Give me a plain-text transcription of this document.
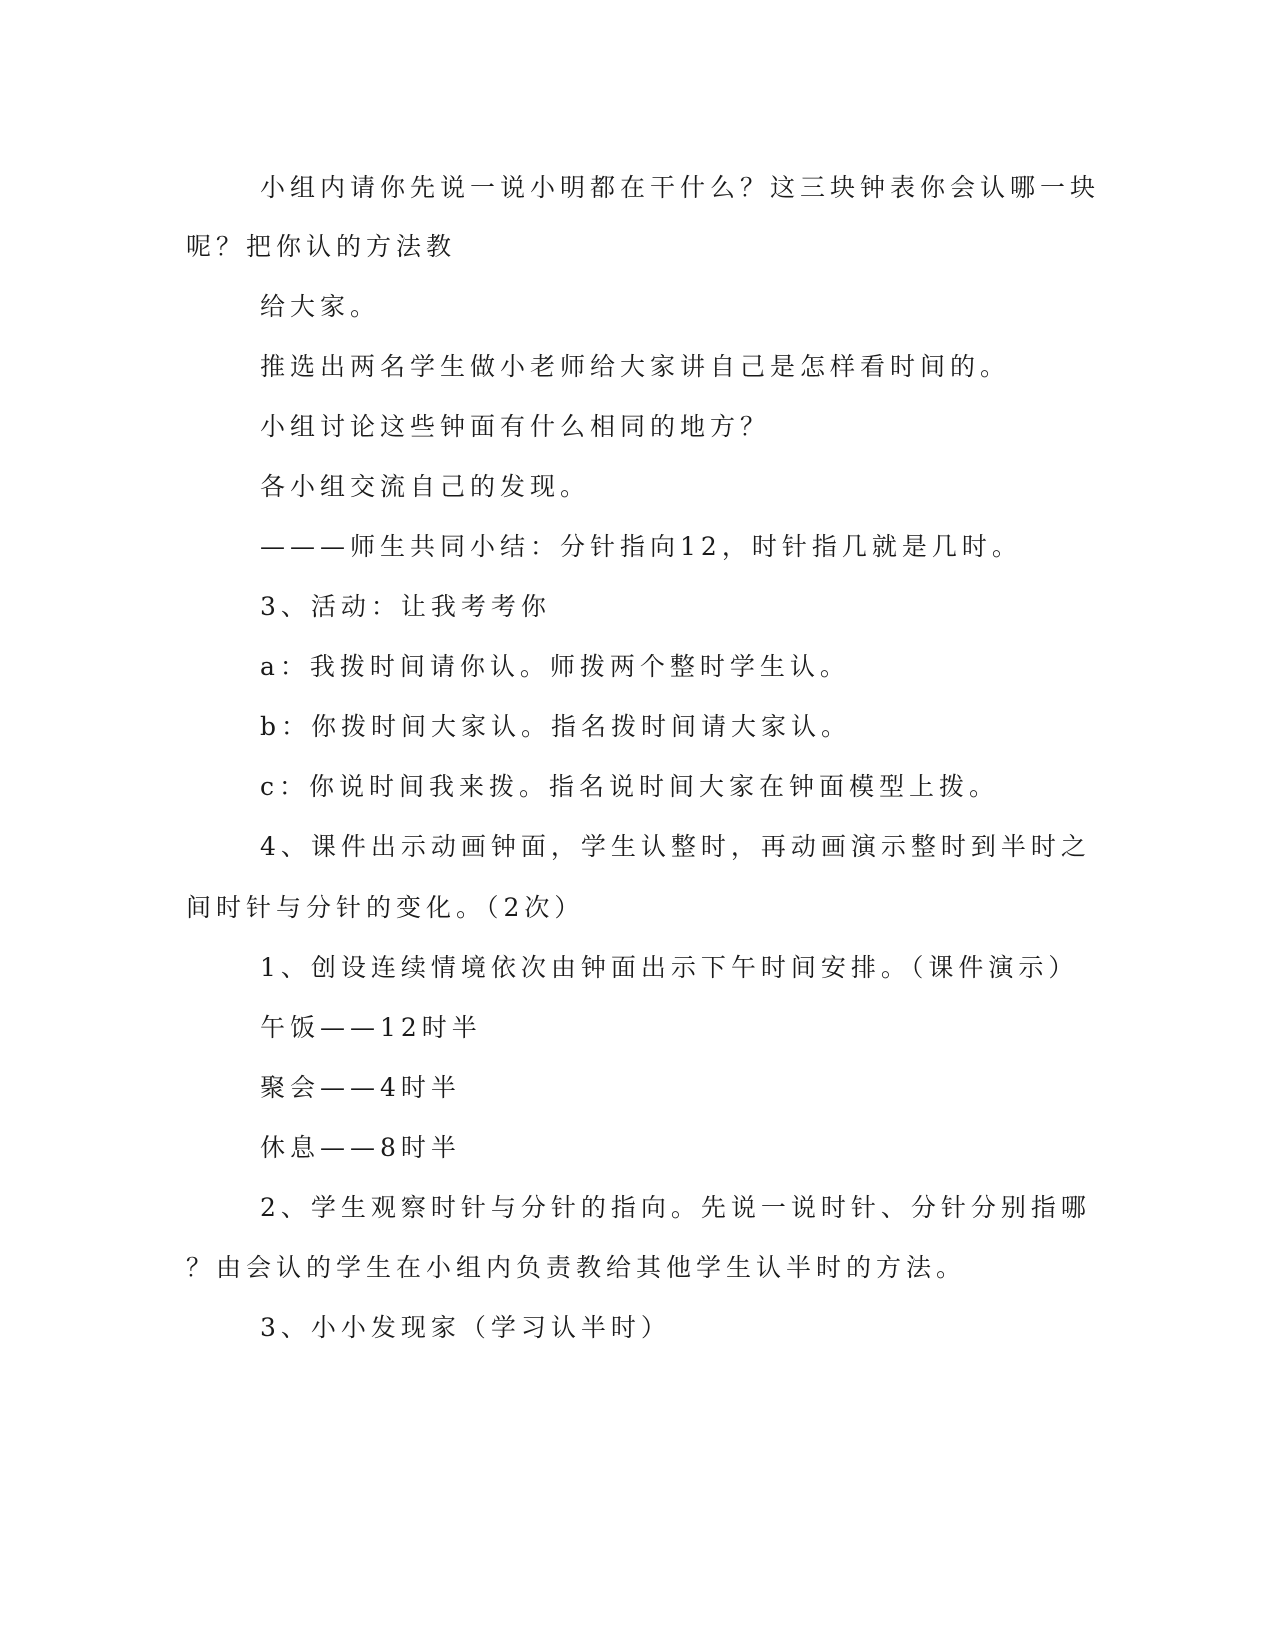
小组内请你先说一说小明都在干什么？这三块钟表你会认哪一块
呢？把你认的方法教
给大家。
推选出两名学生做小老师给大家讲自己是怎样看时间的。
小组讨论这些钟面有什么相同的地方？
各小组交流自己的发现。
———师生共同小结：分针指向12，时针指几就是几时。
3、活动：让我考考你
a：我拨时间请你认。师拨两个整时学生认。
b：你拨时间大家认。指名拨时间请大家认。
c：你说时间我来拨。指名说时间大家在钟面模型上拨。
4、课件出示动画钟面，学生认整时，再动画演示整时到半时之
间时针与分针的变化。（2次）
1、创设连续情境依次由钟面出示下午时间安排。（课件演示）
午饭——12时半
聚会——4时半
休息——8时半
2、学生观察时针与分针的指向。先说一说时针、分针分别指哪
？由会认的学生在小组内负责教给其他学生认半时的方法。
3、小小发现家（学习认半时）
